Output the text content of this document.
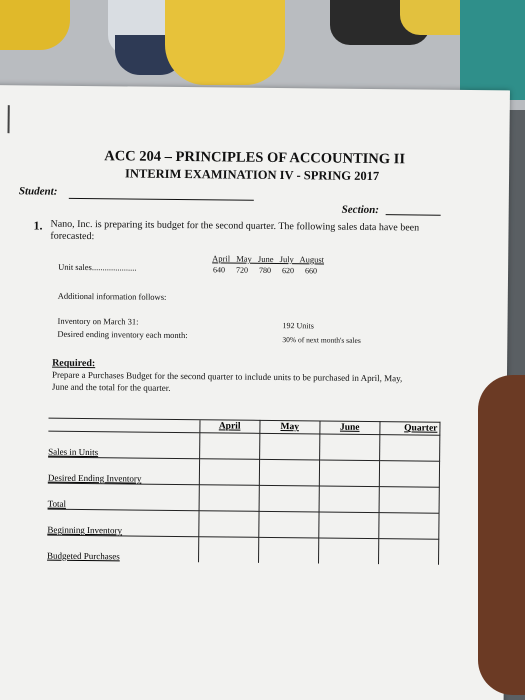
ACC 204 – PRINCIPLES OF ACCOUNTING II
INTERIM EXAMINATION IV - SPRING 2017
Student:
Section:
1. Nano, Inc. is preparing its budget for the second quarter. The following sales data have been
forecasted:
April May June July August
Unit sales.....................	640 720 780 620 660
Additional information follows:
Inventory on March 31:	192 Units
Desired ending inventory each month:	30% of next month's sales
Required:
Prepare a Purchases Budget for the second quarter to include units to be purchased in April, May,
June and the total for the quarter.
	April	May	June	Quarter
Sales in Units				
Desired Ending Inventory				
Total				
Beginning Inventory				
Budgeted Purchases				
